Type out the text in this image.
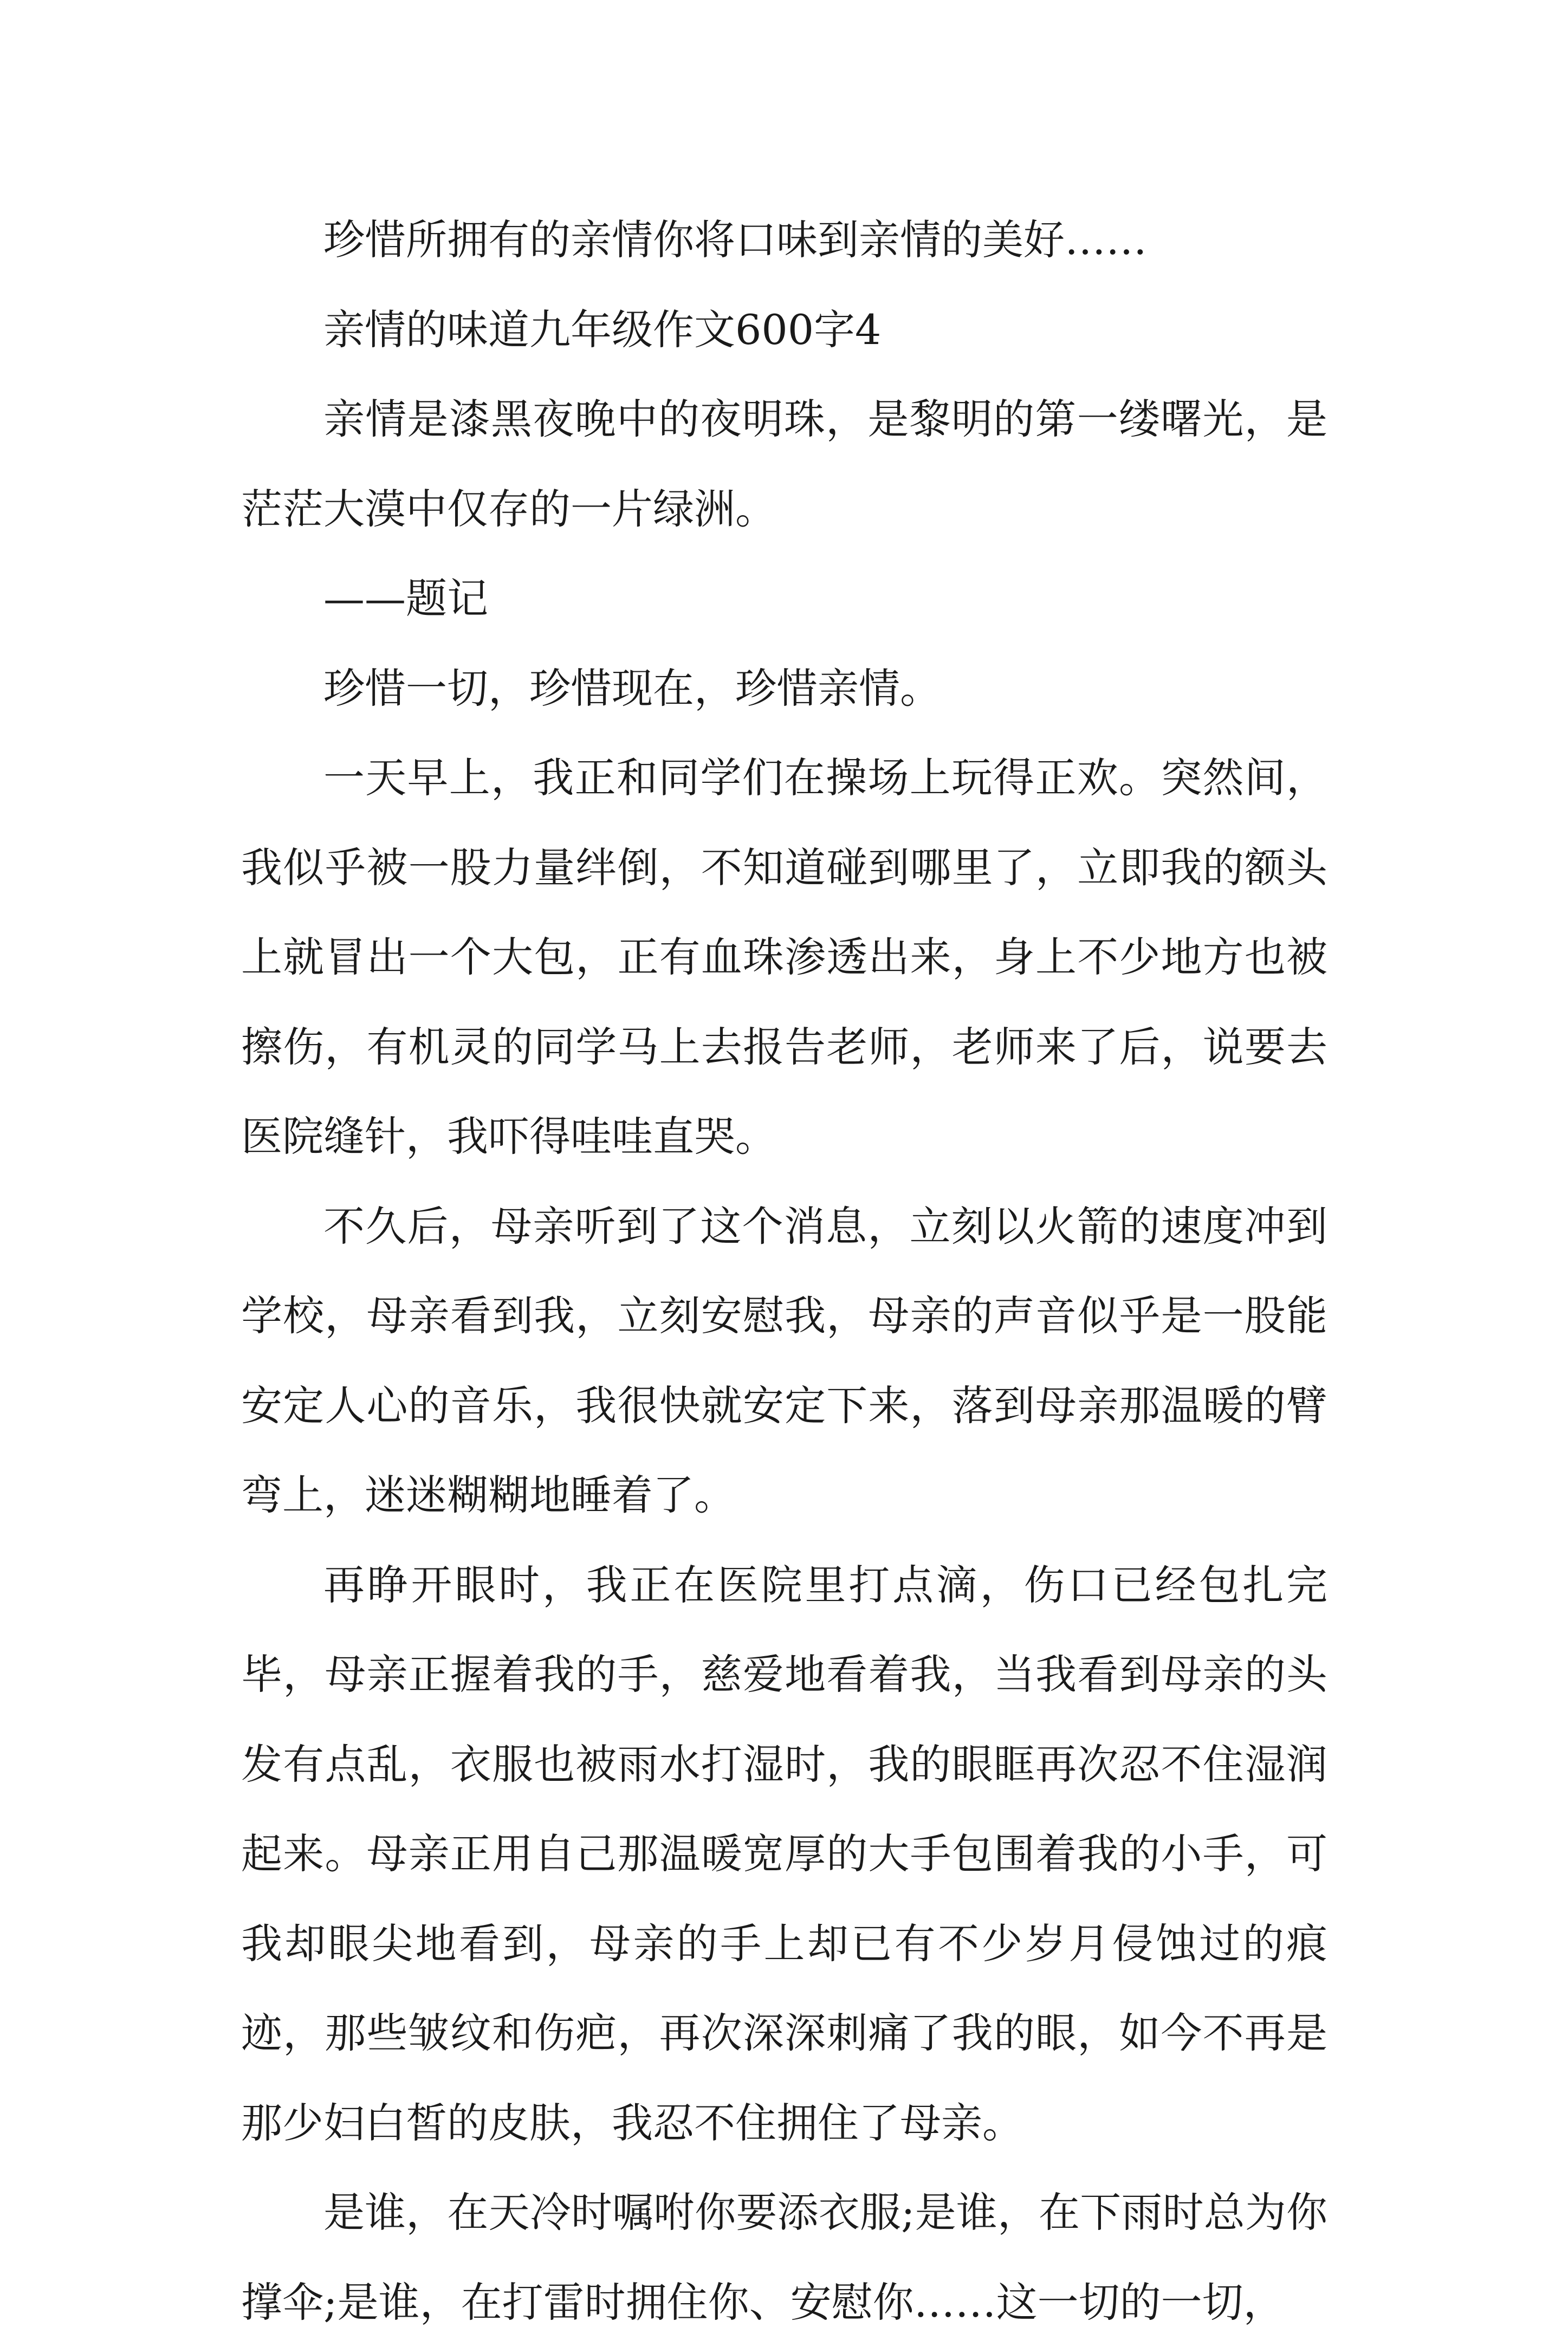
珍惜所拥有的亲情你将口味到亲情的美好……

亲情的味道九年级作文600字4

亲情是漆黑夜晚中的夜明珠，是黎明的第一缕曙光，是茫茫大漠中仅存的一片绿洲。

——题记

珍惜一切，珍惜现在，珍惜亲情。

一天早上，我正和同学们在操场上玩得正欢。突然间，我似乎被一股力量绊倒，不知道碰到哪里了，立即我的额头上就冒出一个大包，正有血珠渗透出来，身上不少地方也被擦伤，有机灵的同学马上去报告老师，老师来了后，说要去医院缝针，我吓得哇哇直哭。

不久后，母亲听到了这个消息，立刻以火箭的速度冲到学校，母亲看到我，立刻安慰我，母亲的声音似乎是一股能安定人心的音乐，我很快就安定下来，落到母亲那温暖的臂弯上，迷迷糊糊地睡着了。

再睁开眼时，我正在医院里打点滴，伤口已经包扎完毕，母亲正握着我的手，慈爱地看着我，当我看到母亲的头发有点乱，衣服也被雨水打湿时，我的眼眶再次忍不住湿润起来。母亲正用自己那温暖宽厚的大手包围着我的小手，可我却眼尖地看到，母亲的手上却已有不少岁月侵蚀过的痕迹，那些皱纹和伤疤，再次深深刺痛了我的眼，如今不再是那少妇白皙的皮肤，我忍不住拥住了母亲。

是谁，在天冷时嘱咐你要添衣服;是谁，在下雨时总为你撑伞;是谁，在打雷时拥住你、安慰你……这一切的一切，
